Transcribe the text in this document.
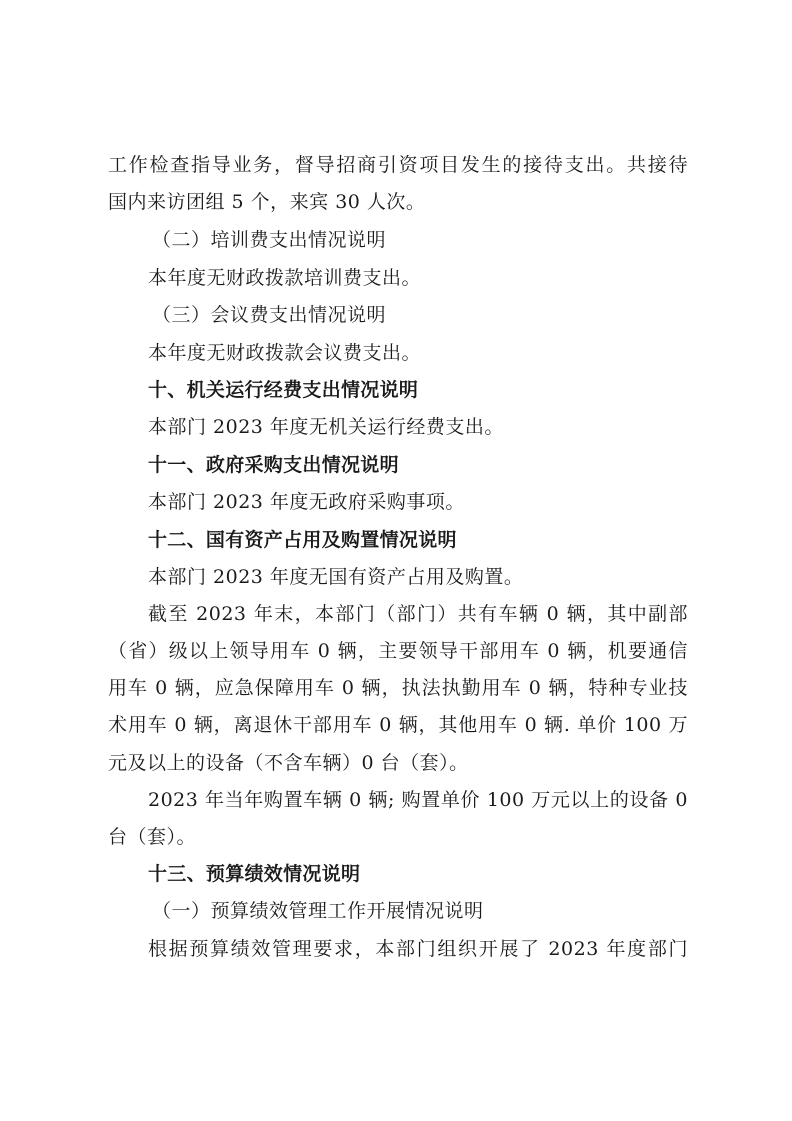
工作检查指导业务，督导招商引资项目发生的接待支出。共接待
国内来访团组 5 个，来宾 30 人次。
（二）培训费支出情况说明
本年度无财政拨款培训费支出。
（三）会议费支出情况说明
本年度无财政拨款会议费支出。
十、机关运行经费支出情况说明
本部门 2023 年度无机关运行经费支出。
十一、政府采购支出情况说明
本部门 2023 年度无政府采购事项。
十二、国有资产占用及购置情况说明
本部门 2023 年度无国有资产占用及购置。
截至 2023 年末，本部门（部门）共有车辆 0 辆，其中副部
（省）级以上领导用车 0 辆，主要领导干部用车 0 辆，机要通信
用车 0 辆，应急保障用车 0 辆，执法执勤用车 0 辆，特种专业技
术用车 0 辆，离退休干部用车 0 辆，其他用车 0 辆. 单价 100 万
元及以上的设备（不含车辆）0 台（套）。
2023 年当年购置车辆 0 辆; 购置单价 100 万元以上的设备 0
台（套）。
十三、预算绩效情况说明
（一）预算绩效管理工作开展情况说明
根据预算绩效管理要求，本部门组织开展了 2023 年度部门
